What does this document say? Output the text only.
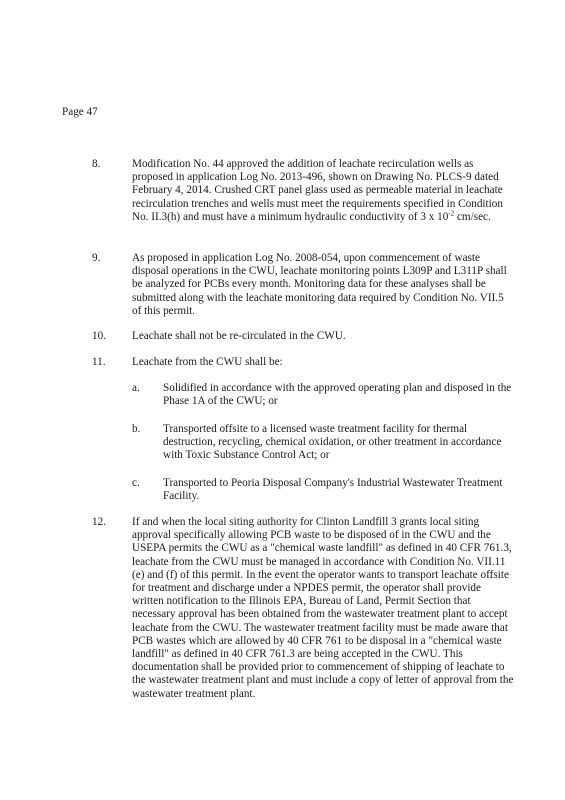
Page 47
8.	Modification No. 44 approved the addition of leachate recirculation wells as proposed in application Log No. 2013-496, shown on Drawing No. PLCS-9 dated February 4, 2014. Crushed CRT panel glass used as permeable material in leachate recirculation trenches and wells must meet the requirements specified in Condition No. II.3(h) and must have a minimum hydraulic conductivity of 3 x $10^{-2}$ cm/sec.
9.	As proposed in application Log No. 2008-054, upon commencement of waste disposal operations in the CWU, leachate monitoring points L309P and L311P shall be analyzed for PCBs every month. Monitoring data for these analyses shall be submitted along with the leachate monitoring data required by Condition No. VII.5 of this permit.
10. Leachate shall not be re-circulated in the CWU.
11. Leachate from the CWU shall be:
a. Solidified in accordance with the approved operating plan and disposed in the Phase 1A of the CWU; or
b. Transported offsite to a licensed waste treatment facility for thermal destruction, recycling, chemical oxidation, or other treatment in accordance with Toxic Substance Control Act; or
c. Transported to Peoria Disposal Company's Industrial Wastewater Treatment Facility.
12. If and when the local siting authority for Clinton Landfill 3 grants local siting approval specifically allowing PCB waste to be disposed of in the CWU and the USEPA permits the CWU as a "chemical waste landfill" as defined in 40 CFR 761.3, leachate from the CWU must be managed in accordance with Condition No. VII.11 (e) and (f) of this permit. In the event the operator wants to transport leachate offsite for treatment and discharge under a NPDES permit, the operator shall provide written notification to the Illinois EPA, Bureau of Land, Permit Section that necessary approval has been obtained from the wastewater treatment plant to accept leachate from the CWU. The wastewater treatment facility must be made aware that PCB wastes which are allowed by 40 CFR 761 to be disposal in a "chemical waste landfill" as defined in 40 CFR 761.3 are being accepted in the CWU. This documentation shall be provided prior to commencement of shipping of leachate to the wastewater treatment plant and must include a copy of letter of approval from the wastewater treatment plant.
